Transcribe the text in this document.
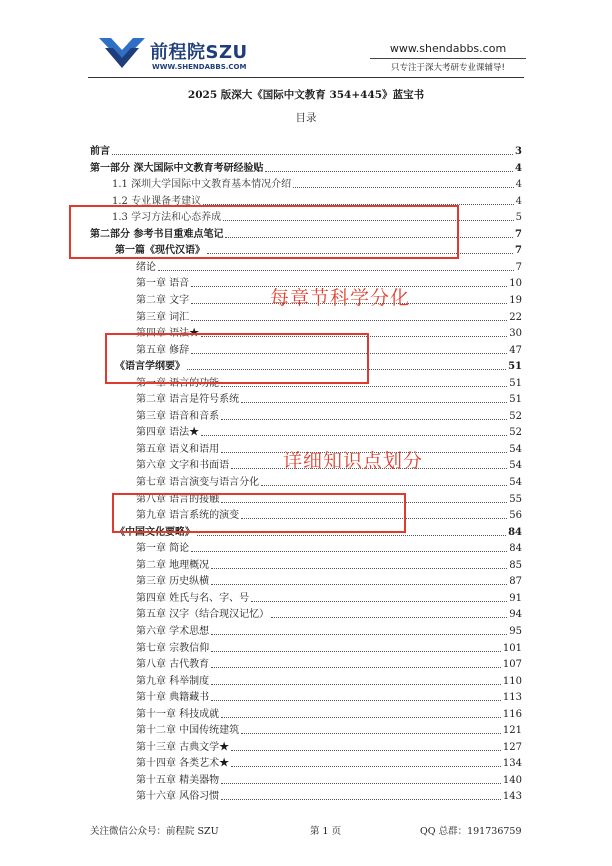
前程院SZU
WWW.SHENDABBS.COM
www.shendabbs.com
只专注于深大考研专业课辅导!
2025 版深大《国际中文教育 354+445》蓝宝书
目录
前言	3
第一部分 深大国际中文教育考研经验贴	4
1.1 深圳大学国际中文教育基本情况介绍	4
1.2 专业课备考建议	4
1.3 学习方法和心态养成	5
第二部分 参考书目重难点笔记	7
第一篇《现代汉语》	7
绪论	7
第一章 语音	10
第二章 文字	19
第三章 词汇	22
第四章 语法★	30
第五章 修辞	47
《语言学纲要》	51
第一章 语言的功能	51
第二章 语言是符号系统	51
第三章 语音和音系	52
第四章 语法★	52
第五章 语义和语用	54
第六章 文字和书面语	54
第七章 语言演变与语言分化	54
第八章 语言的接触	55
第九章 语言系统的演变	56
《中国文化要略》	84
第一章 简论	84
第二章 地理概况	85
第三章 历史纵横	87
第四章 姓氏与名、字、号	91
第五章 汉字（结合现汉记忆）	94
第六章 学术思想	95
第七章 宗教信仰	101
第八章 古代教育	107
第九章 科举制度	110
第十章 典籍藏书	113
第十一章 科技成就	116
第十二章 中国传统建筑	121
第十三章 古典文学★	127
第十四章 各类艺术★	134
第十五章 精美器物	140
第十六章 风俗习惯	143
每章节科学分化
详细知识点划分
关注微信公众号：前程院 SZU	第 1 页	QQ 总群：191736759
